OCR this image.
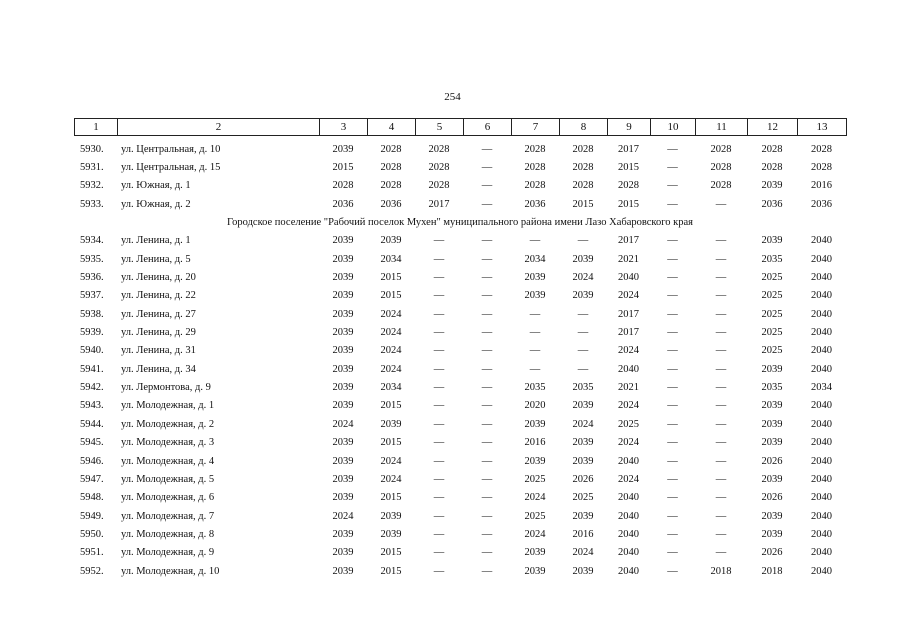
254
1	2	3	4	5	6	7	8	9	10	11	12	13
5930.	ул. Центральная, д. 10	2039	2028	2028	—	2028	2028	2017	—	2028	2028	2028
5931.	ул. Центральная, д. 15	2015	2028	2028	—	2028	2028	2015	—	2028	2028	2028
5932.	ул. Южная, д. 1	2028	2028	2028	—	2028	2028	2028	—	2028	2039	2016
5933.	ул. Южная, д. 2	2036	2036	2017	—	2036	2015	2015	—	—	2036	2036
Городское поселение "Рабочий поселок Мухен" муниципального района имени Лазо Хабаровского края												
5934.	ул. Ленина, д. 1	2039	2039	—	—	—	—	2017	—	—	2039	2040
5935.	ул. Ленина, д. 5	2039	2034	—	—	2034	2039	2021	—	—	2035	2040
5936.	ул. Ленина, д. 20	2039	2015	—	—	2039	2024	2040	—	—	2025	2040
5937.	ул. Ленина, д. 22	2039	2015	—	—	2039	2039	2024	—	—	2025	2040
5938.	ул. Ленина, д. 27	2039	2024	—	—	—	—	2017	—	—	2025	2040
5939.	ул. Ленина, д. 29	2039	2024	—	—	—	—	2017	—	—	2025	2040
5940.	ул. Ленина, д. 31	2039	2024	—	—	—	—	2024	—	—	2025	2040
5941.	ул. Ленина, д. 34	2039	2024	—	—	—	—	2040	—	—	2039	2040
5942.	ул. Лермонтова, д. 9	2039	2034	—	—	2035	2035	2021	—	—	2035	2034
5943.	ул. Молодежная, д. 1	2039	2015	—	—	2020	2039	2024	—	—	2039	2040
5944.	ул. Молодежная, д. 2	2024	2039	—	—	2039	2024	2025	—	—	2039	2040
5945.	ул. Молодежная, д. 3	2039	2015	—	—	2016	2039	2024	—	—	2039	2040
5946.	ул. Молодежная, д. 4	2039	2024	—	—	2039	2039	2040	—	—	2026	2040
5947.	ул. Молодежная, д. 5	2039	2024	—	—	2025	2026	2024	—	—	2039	2040
5948.	ул. Молодежная, д. 6	2039	2015	—	—	2024	2025	2040	—	—	2026	2040
5949.	ул. Молодежная, д. 7	2024	2039	—	—	2025	2039	2040	—	—	2039	2040
5950.	ул. Молодежная, д. 8	2039	2039	—	—	2024	2016	2040	—	—	2039	2040
5951.	ул. Молодежная, д. 9	2039	2015	—	—	2039	2024	2040	—	—	2026	2040
5952.	ул. Молодежная, д. 10	2039	2015	—	—	2039	2039	2040	—	2018	2018	2040
